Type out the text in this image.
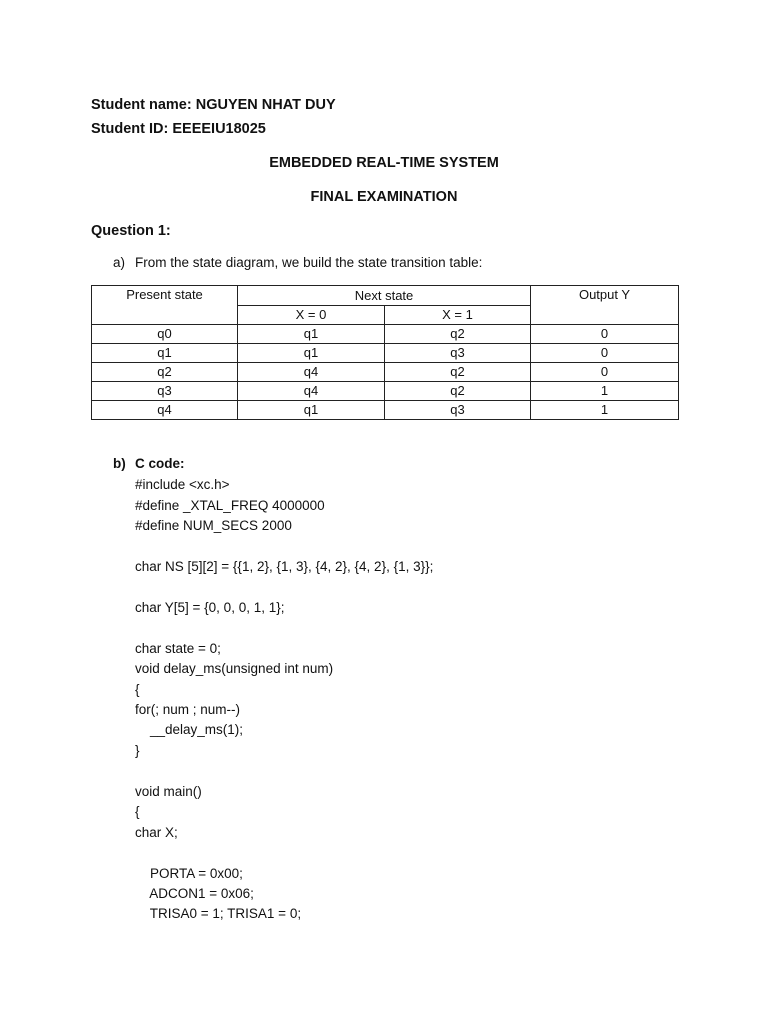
Student name: NGUYEN NHAT DUY
Student ID: EEEEIU18025
EMBEDDED REAL-TIME SYSTEM
FINAL EXAMINATION
Question 1:
a) From the state diagram, we build the state transition table:
Present state	Next state		Output Y
	X = 0	X = 1	
q0	q1	q2	0
q1	q1	q3	0
q2	q4	q2	0
q3	q4	q2	1
q4	q1	q3	1
b) C code:
#include <xc.h>
#define _XTAL_FREQ 4000000
#define NUM_SECS 2000
char NS [5][2] = {{1, 2}, {1, 3}, {4, 2}, {4, 2}, {1, 3}};
char Y[5] = {0, 0, 0, 1, 1};
char state = 0;
void delay_ms(unsigned int num)
{
for(; num ; num--)
__delay_ms(1);
}
void main()
{
char X;
PORTA = 0x00;
ADCON1 = 0x06;
TRISA0 = 1; TRISA1 = 0;
